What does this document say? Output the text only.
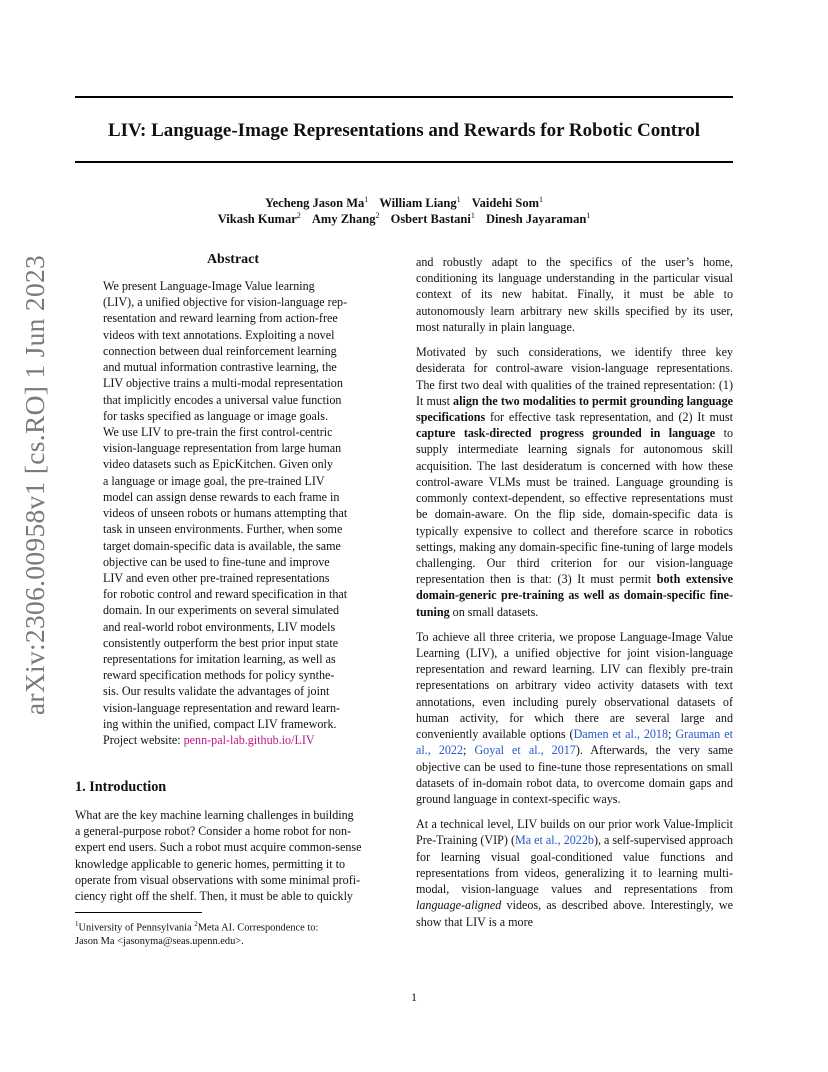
LIV: Language-Image Representations and Rewards for Robotic Control
Yecheng Jason Ma$^1$ William Liang$^1$ Vaidehi Som$^1$
Vikash Kumar$^2$ Amy Zhang$^2$ Osbert Bastani$^1$ Dinesh Jayaraman$^1$
arXiv:2306.00958v1 [cs.RO] 1 Jun 2023	Abstract
We present Language-Image Value learning
(LIV), a unified objective for vision-language rep-
resentation and reward learning from action-free
videos with text annotations. Exploiting a novel
connection between dual reinforcement learning
and mutual information contrastive learning, the
LIV objective trains a multi-modal representation
that implicitly encodes a universal value function
for tasks specified as language or image goals.
We use LIV to pre-train the first control-centric
vision-language representation from large human
video datasets such as EpicKitchen. Given only
a language or image goal, the pre-trained LIV
model can assign dense rewards to each frame in
videos of unseen robots or humans attempting that
task in unseen environments. Further, when some
target domain-specific data is available, the same
objective can be used to fine-tune and improve
LIV and even other pre-trained representations
for robotic control and reward specification in that
domain. In our experiments on several simulated
and real-world robot environments, LIV models
consistently outperform the best prior input state
representations for imitation learning, as well as
reward specification methods for policy synthe-
sis. Our results validate the advantages of joint
vision-language representation and reward learn-
ing within the unified, compact LIV framework.
Project website: penn-pal-lab.github.io/LIV
1. Introduction
What are the key machine learning challenges in building
a general-purpose robot? Consider a home robot for non-
expert end users. Such a robot must acquire common-sense
knowledge applicable to generic homes, permitting it to
operate from visual observations with some minimal profi-
ciency right off the shelf. Then, it must be able to quickly
$^1$University of Pennsylvania $^2$Meta AI. Correspondence to:
Jason Ma <jasonyma@seas.upenn.edu>.

and robustly adapt to the specifics of the user’s home, conditioning its language understanding in the particular visual context of its new habitat. Finally, it must be able to autonomously learn arbitrary new skills specified by its user, most naturally in plain language.

Motivated by such considerations, we identify three key desiderata for control-aware vision-language representations. The first two deal with qualities of the trained representation: (1) It must align the two modalities to permit grounding language specifications for effective task representation, and (2) It must capture task-directed progress grounded in language to supply intermediate learning signals for autonomous skill acquisition. The last desideratum is concerned with how these control-aware VLMs must be trained. Language grounding is commonly context-dependent, so effective representations must be domain-aware. On the flip side, domain-specific data is typically expensive to collect and therefore scarce in robotics settings, making any domain-specific fine-tuning of large models challenging. Our third criterion for our vision-language representation then is that: (3) It must permit both extensive domain-generic pre-training as well as domain-specific fine-tuning on small datasets.

To achieve all three criteria, we propose Language-Image Value Learning (LIV), a unified objective for joint vision-language representation and reward learning. LIV can flexibly pre-train representations on arbitrary video activity datasets with text annotations, even including purely observational datasets of human activity, for which there are several large and conveniently available options (Damen et al., 2018; Grauman et al., 2022; Goyal et al., 2017). Afterwards, the very same objective can be used to fine-tune those representations on small datasets of in-domain robot data, to overcome domain gaps and ground language in context-specific ways.

At a technical level, LIV builds on our prior work Value-Implicit Pre-Training (VIP) (Ma et al., 2022b), a self-supervised approach for learning visual goal-conditioned value functions and representations from videos, generalizing it to learning multi-modal, vision-language values and representations from language-aligned videos, as described above. Interestingly, we show that LIV is a more

1
